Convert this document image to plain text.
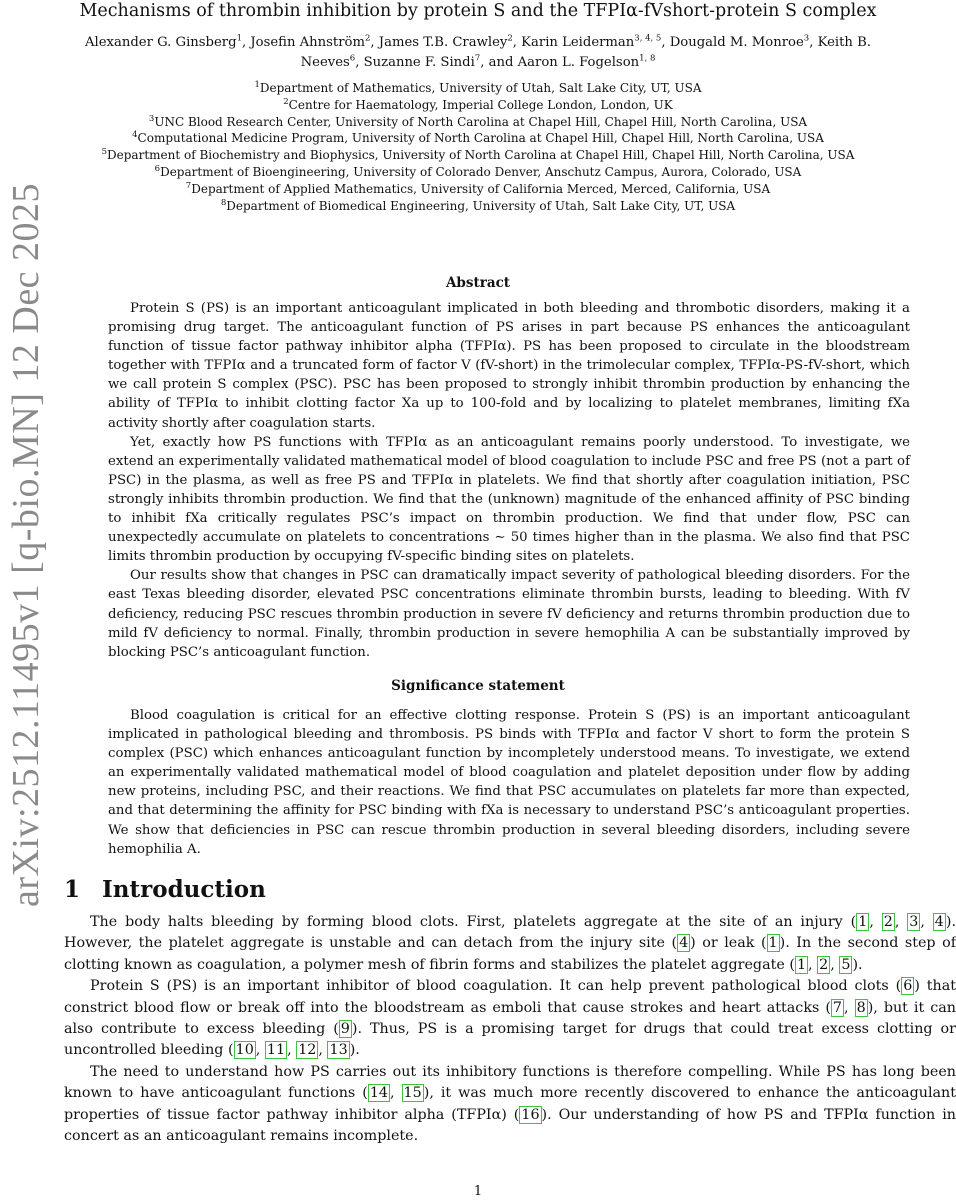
arXiv:2512.11495v1 [q-bio.MN] 12 Dec 2025
Mechanisms of thrombin inhibition by protein S and the TFPIα-fVshort-protein S complex
Alexander G. Ginsberg$^1$, Josefin Ahnström$^2$, James T.B. Crawley$^2$, Karin Leiderman$^{3, 4, 5}$, Dougald M. Monroe$^3$, Keith B. Neeves$^6$, Suzanne F. Sindi$^7$, and Aaron L. Fogelson$^{1, 8}$
$^1$Department of Mathematics, University of Utah, Salt Lake City, UT, USA
$^2$Centre for Haematology, Imperial College London, London, UK
$^3$UNC Blood Research Center, University of North Carolina at Chapel Hill, Chapel Hill, North Carolina, USA
$^4$Computational Medicine Program, University of North Carolina at Chapel Hill, Chapel Hill, North Carolina, USA
$^5$Department of Biochemistry and Biophysics, University of North Carolina at Chapel Hill, Chapel Hill, North Carolina, USA
$^6$Department of Bioengineering, University of Colorado Denver, Anschutz Campus, Aurora, Colorado, USA
$^7$Department of Applied Mathematics, University of California Merced, Merced, California, USA
$^8$Department of Biomedical Engineering, University of Utah, Salt Lake City, UT, USA
Abstract

Protein S (PS) is an important anticoagulant implicated in both bleeding and thrombotic disorders, making it a promising drug target. The anticoagulant function of PS arises in part because PS enhances the anticoagulant function of tissue factor pathway inhibitor alpha (TFPIα). PS has been proposed to circulate in the bloodstream together with TFPIα and a truncated form of factor V (fV-short) in the trimolecular complex, TFPIα-PS-fV-short, which we call protein S complex (PSC). PSC has been proposed to strongly inhibit thrombin production by enhancing the ability of TFPIα to inhibit clotting factor Xa up to 100-fold and by localizing to platelet membranes, limiting fXa activity shortly after coagulation starts.

Yet, exactly how PS functions with TFPIα as an anticoagulant remains poorly understood. To investigate, we extend an experimentally validated mathematical model of blood coagulation to include PSC and free PS (not a part of PSC) in the plasma, as well as free PS and TFPIα in platelets. We find that shortly after coagulation initiation, PSC strongly inhibits thrombin production. We find that the (unknown) magnitude of the enhanced affinity of PSC binding to inhibit fXa critically regulates PSC’s impact on thrombin production. We find that under flow, PSC can unexpectedly accumulate on platelets to concentrations ∼ 50 times higher than in the plasma. We also find that PSC limits thrombin production by occupying fV-specific binding sites on platelets.

Our results show that changes in PSC can dramatically impact severity of pathological bleeding disorders. For the east Texas bleeding disorder, elevated PSC concentrations eliminate thrombin bursts, leading to bleeding. With fV deficiency, reducing PSC rescues thrombin production in severe fV deficiency and returns thrombin production due to mild fV deficiency to normal. Finally, thrombin production in severe hemophilia A can be substantially improved by blocking PSC’s anticoagulant function.

Significance statement

Blood coagulation is critical for an effective clotting response. Protein S (PS) is an important anticoagulant implicated in pathological bleeding and thrombosis. PS binds with TFPIα and factor V short to form the protein S complex (PSC) which enhances anticoagulant function by incompletely understood means. To investigate, we extend an experimentally validated mathematical model of blood coagulation and platelet deposition under flow by adding new proteins, including PSC, and their reactions. We find that PSC accumulates on platelets far more than expected, and that determining the affinity for PSC binding with fXa is necessary to understand PSC’s anticoagulant properties. We show that deficiencies in PSC can rescue thrombin production in several bleeding disorders, including severe hemophilia A.

1 Introduction

The body halts bleeding by forming blood clots. First, platelets aggregate at the site of an injury ( 1 , 2 , 3 , 4 ). However, the platelet aggregate is unstable and can detach from the injury site ( 4 ) or leak ( 1 ). In the second step of clotting known as coagulation, a polymer mesh of fibrin forms and stabilizes the platelet aggregate ( 1 , 2 , 5 ).

Protein S (PS) is an important inhibitor of blood coagulation. It can help prevent pathological blood clots ( 6 ) that constrict blood flow or break off into the bloodstream as emboli that cause strokes and heart attacks ( 7 , 8 ), but it can also contribute to excess bleeding ( 9 ). Thus, PS is a promising target for drugs that could treat excess clotting or uncontrolled bleeding ( 10 , 11 , 12 , 13 ).

The need to understand how PS carries out its inhibitory functions is therefore compelling. While PS has long been known to have anticoagulant functions ( 14 , 15 ), it was much more recently discovered to enhance the anticoagulant properties of tissue factor pathway inhibitor alpha (TFPIα) ( 16 ). Our understanding of how PS and TFPIα function in concert as an anticoagulant remains incomplete.

1
